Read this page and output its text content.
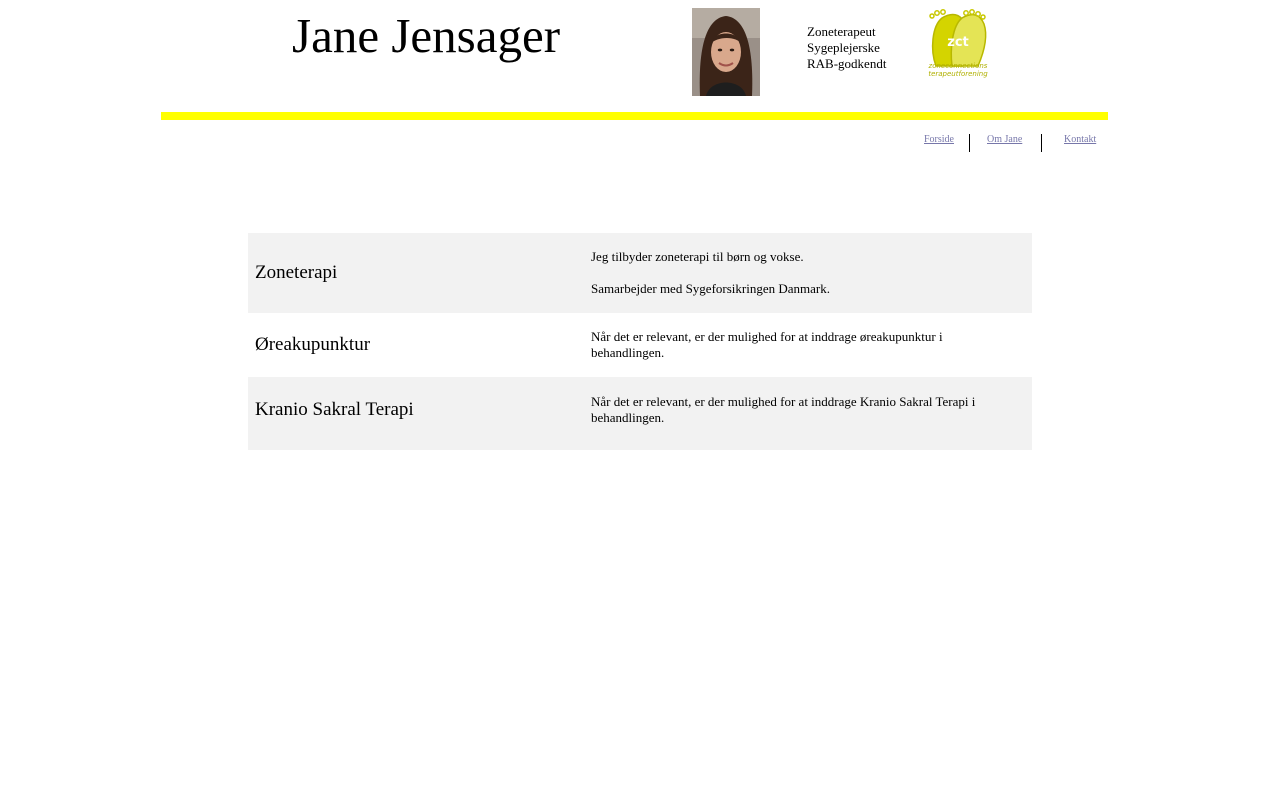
Jane Jensager	Zoneterapeut
Sygeplejerske
RAB-godkendt
zct
zoneconnections
terapeutforening
Forside	Om Jane	Kontakt
Zoneterapi	Jeg tilbyder zoneterapi til børn og vokse.

Samarbejder med Sygeforsikringen Danmark.

Øreakupunktur	Når det er relevant, er der mulighed for at inddrage øreakupunktur i behandlingen.

Kranio Sakral Terapi	Når det er relevant, er der mulighed for at inddrage Kranio Sakral Terapi i behandlingen.
